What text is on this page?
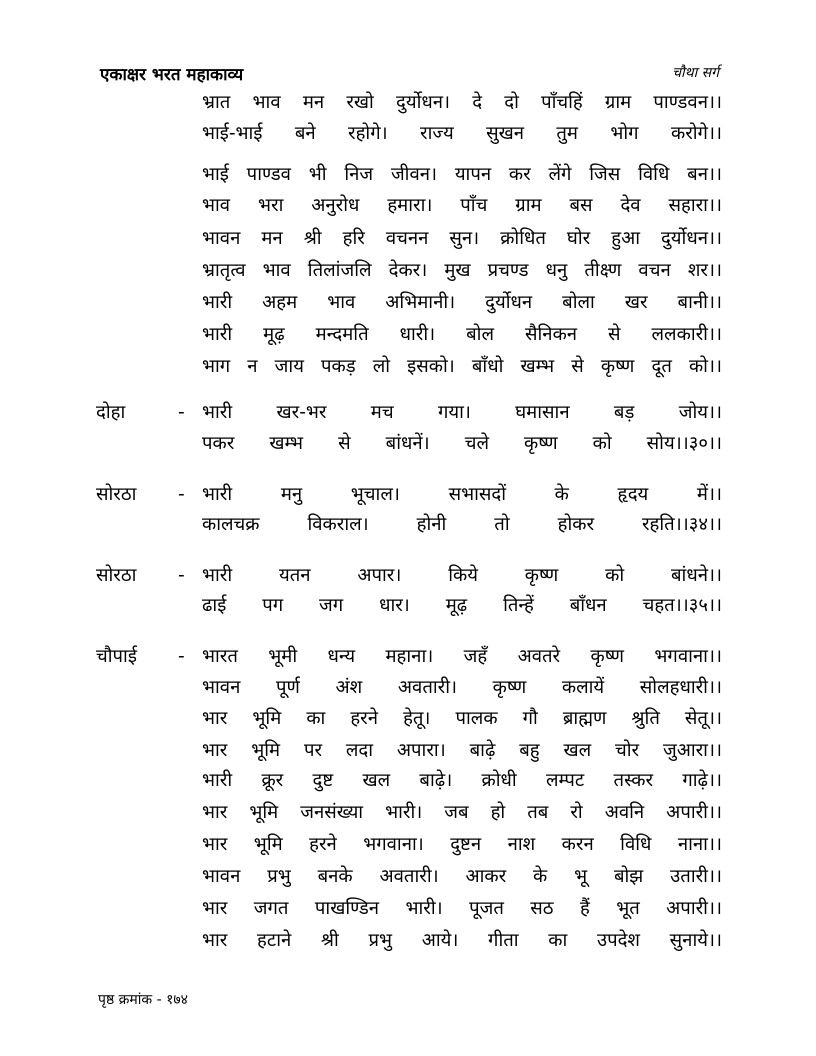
एकाक्षर भरत महाकाव्य	चौथा सर्ग
भ्रात भाव मन रखो दुर्योधन। दे दो पाँचहिं ग्राम पाण्डवन।।
भाई-भाई बने रहोगे। राज्य सुखन तुम भोग करोगे।।
भाई पाण्डव भी निज जीवन। यापन कर लेंगे जिस विधि बन।।
भाव भरा अनुरोध हमारा। पाँच ग्राम बस देव सहारा।।
भावन मन श्री हरि वचनन सुन। क्रोधित घोर हुआ दुर्योधन।।
भ्रातृत्व भाव तिलांजलि देकर। मुख प्रचण्ड धनु तीक्ष्ण वचन शर।।
भारी अहम भाव अभिमानी। दुर्योधन बोला खर बानी।।
भारी मूढ़ मन्दमति धारी। बोल सैनिकन से ललकारी।।
भाग न जाय पकड़ लो इसको। बाँधो खम्भ से कृष्ण दूत को।।
दोहा	- भारी खर-भर मच गया। घमासान बड़ जोय।।
पकर खम्भ से बांधनें। चले कृष्ण को सोय।।३०।।
सोरठा - भारी मनु भूचाल। सभासदों के हृदय में।।
कालचक्र विकराल। होनी तो होकर रहति।।३४।।
सोरठा - भारी यतन अपार। किये कृष्ण को बांधने।।
ढाई पग जग धार। मूढ़ तिन्हें बाँधन चहत।।३५।।
चौपाई - भारत भूमी धन्य महाना। जहँ अवतरे कृष्ण भगवाना।।
भावन पूर्ण अंश अवतारी। कृष्ण कलायें सोलहधारी।।
भार भूमि का हरने हेतू। पालक गौ ब्राह्मण श्रुति सेतू।।
भार भूमि पर लदा अपारा। बाढ़े बहु खल चोर जुआरा।।
भारी क्रूर दुष्ट खल बाढ़े। क्रोधी लम्पट तस्कर गाढ़े।।
भार भूमि जनसंख्या भारी। जब हो तब रो अवनि अपारी।।
भार भूमि हरने भगवाना। दुष्टन नाश करन विधि नाना।।
भावन प्रभु बनके अवतारी। आकर के भू बोझ उतारी।।
भार जगत पाखण्डिन भारी। पूजत सठ हैं भूत अपारी।।
भार हटाने श्री प्रभु आये। गीता का उपदेश सुनाये।।
पृष्ठ क्रमांक - १७४
